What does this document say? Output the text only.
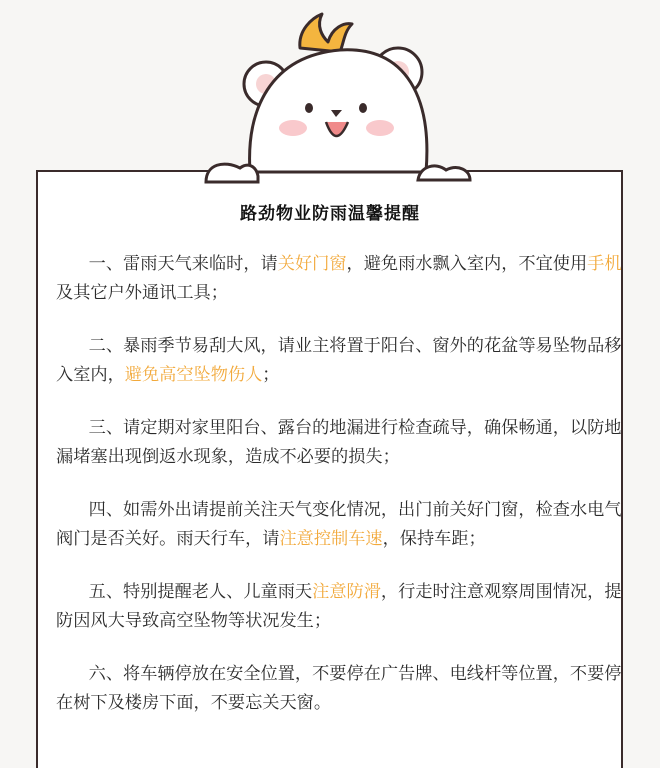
路劲物业防雨温馨提醒

一、雷雨天气来临时，请关好门窗，避免雨水飘入室内，不宜使用手机及其它户外通讯工具；

二、暴雨季节易刮大风，请业主将置于阳台、窗外的花盆等易坠物品移入室内，避免高空坠物伤人；

三、请定期对家里阳台、露台的地漏进行检查疏导，确保畅通，以防地漏堵塞出现倒返水现象，造成不必要的损失；

四、如需外出请提前关注天气变化情况，出门前关好门窗，检查水电气阀门是否关好。雨天行车，请注意控制车速，保持车距；

五、特别提醒老人、儿童雨天注意防滑，行走时注意观察周围情况，提防因风大导致高空坠物等状况发生；

六、将车辆停放在安全位置，不要停在广告牌、电线杆等位置，不要停在树下及楼房下面，不要忘关天窗。
